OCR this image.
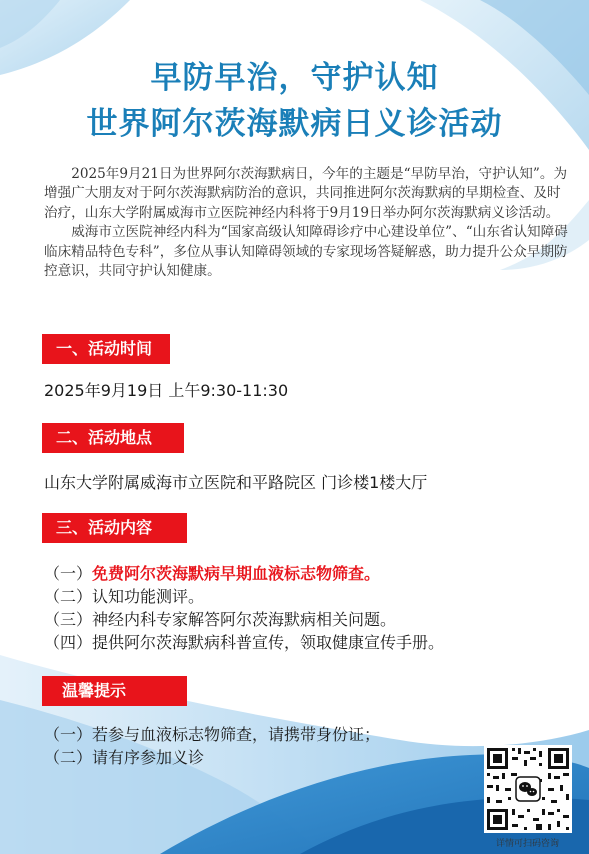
早防早治，守护认知
世界阿尔茨海默病日义诊活动

2025年9月21日为世界阿尔茨海默病日，今年的主题是“早防早治，守护认知”。为增强广大朋友对于阿尔茨海默病防治的意识，共同推进阿尔茨海默病的早期检查、及时治疗，山东大学附属威海市立医院神经内科将于9月19日举办阿尔茨海默病义诊活动。

威海市立医院神经内科为“国家高级认知障碍诊疗中心建设单位”、“山东省认知障碍临床精品特色专科”，多位从事认知障碍领域的专家现场答疑解惑，助力提升公众早期防控意识，共同守护认知健康。

一、活动时间
2025年9月19日 上午9:30-11:30
二、活动地点
山东大学附属威海市立医院和平路院区 门诊楼1楼大厅
三、活动内容
（一）免费阿尔茨海默病早期血液标志物筛查。
（二）认知功能测评。
（三）神经内科专家解答阿尔茨海默病相关问题。
（四）提供阿尔茨海默病科普宣传，领取健康宣传手册。
温馨提示
（一）若参与血液标志物筛查，请携带身份证；
（二）请有序参加义诊
详情可扫码咨询
